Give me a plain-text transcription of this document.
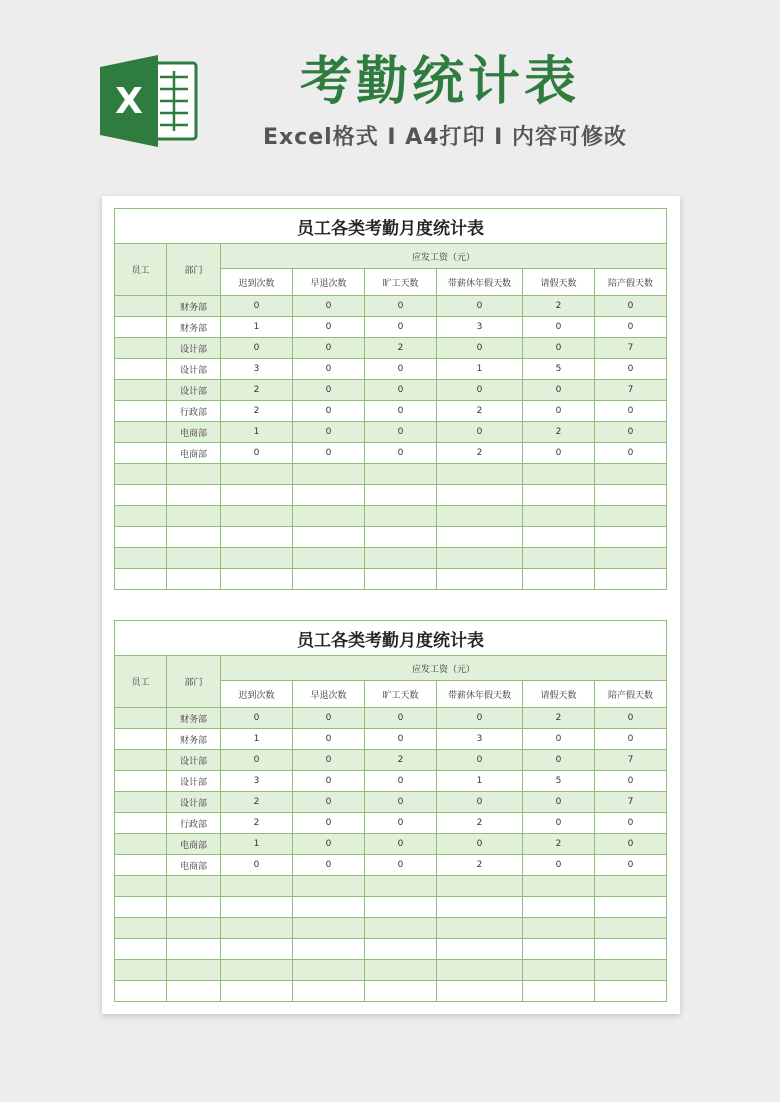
X	考勤统计表
Excel格式 I A4打印 I 内容可修改
员工各类考勤月度统计表							
员工	部门	应发工资（元）					
		迟到次数	早退次数	旷工天数	带薪休年假天数	请假天数	陪产假天数
	财务部	0	0	0	0	2	0
	财务部	1	0	0	3	0	0
	设计部	0	0	2	0	0	7
	设计部	3	0	0	1	5	0
	设计部	2	0	0	0	0	7
	行政部	2	0	0	2	0	0
	电商部	1	0	0	0	2	0
	电商部	0	0	0	2	0	0

员工各类考勤月度统计表							
员工	部门	应发工资（元）					
		迟到次数	早退次数	旷工天数	带薪休年假天数	请假天数	陪产假天数
	财务部	0	0	0	0	2	0
	财务部	1	0	0	3	0	0
	设计部	0	0	2	0	0	7
	设计部	3	0	0	1	5	0
	设计部	2	0	0	0	0	7
	行政部	2	0	0	2	0	0
	电商部	1	0	0	0	2	0
	电商部	0	0	0	2	0	0
